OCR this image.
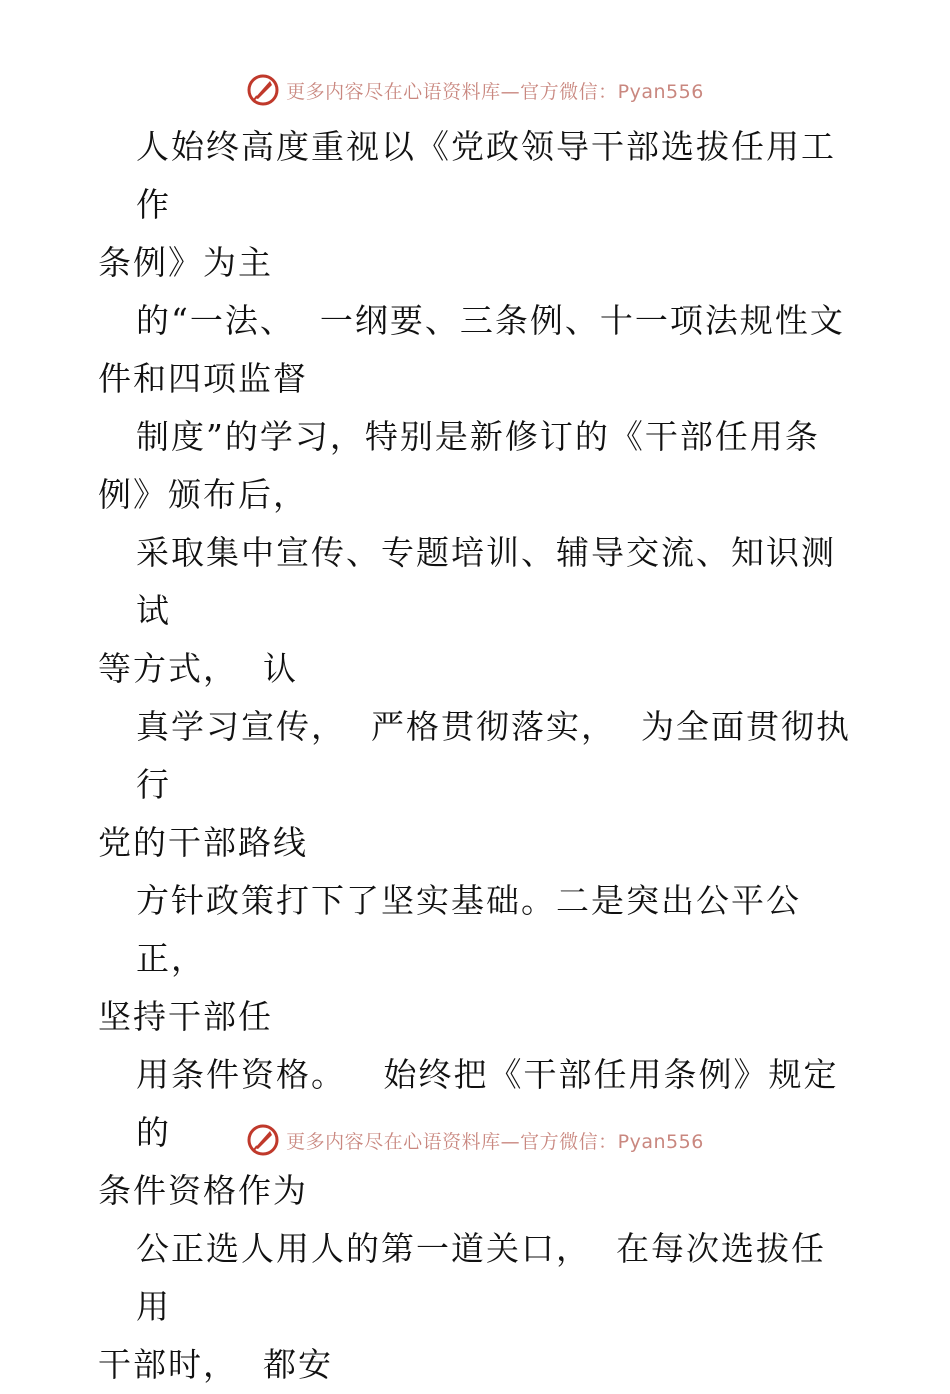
更多内容尽在心语资料库—官方微信：Pyan556

人始终高度重视以《党政领导干部选拔任用工作

条例》为主

的“一法、  一纲要、三条例、十一项法规性文

件和四项监督

制度”的学习，特别是新修订的《干部任用条

例》颁布后，

采取集中宣传、专题培训、辅导交流、知识测试

等方式，  认

真学习宣传，  严格贯彻落实，  为全面贯彻执行

党的干部路线

方针政策打下了坚实基础。二是突出公平公正，

坚持干部任

用条件资格。   始终把《干部任用条例》规定的

条件资格作为

公正选人用人的第一道关口，  在每次选拔任用

干部时，  都安

更多内容尽在心语资料库—官方微信：Pyan556
